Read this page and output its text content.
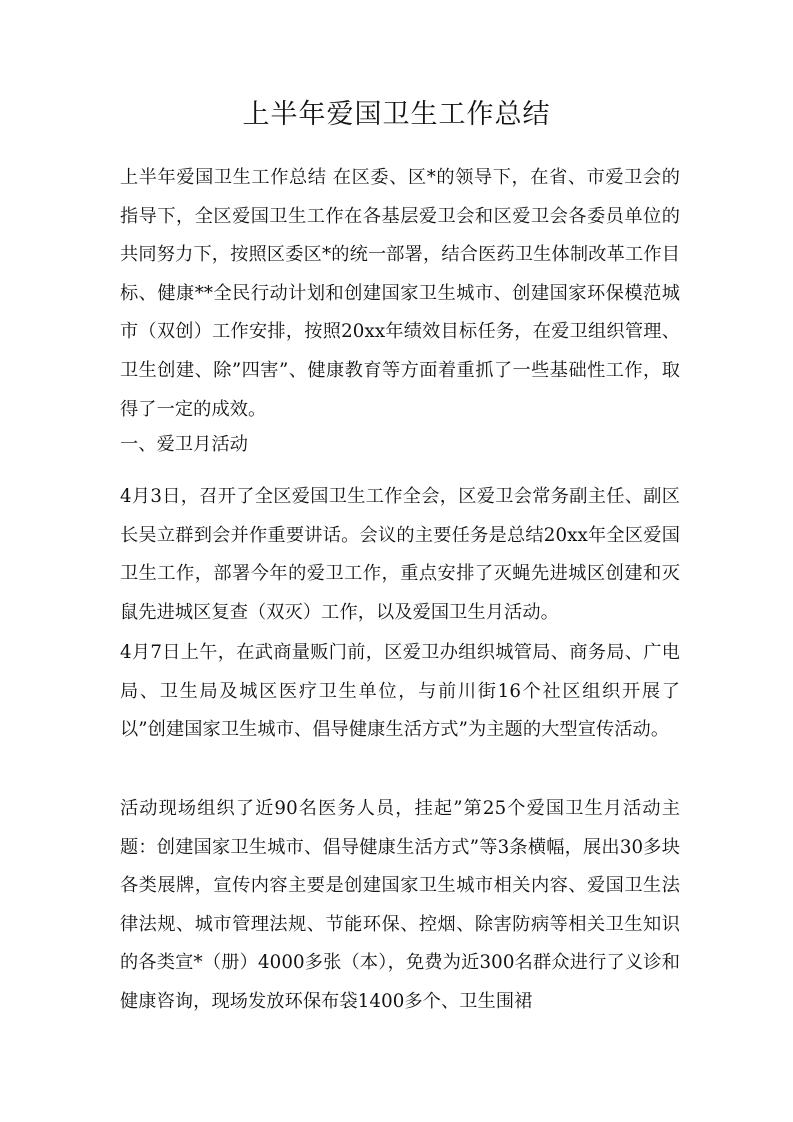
上半年爱国卫生工作总结

上半年爱国卫生工作总结 在区委、区*的领导下，在省、市爱卫会的指导下，全区爱国卫生工作在各基层爱卫会和区爱卫会各委员单位的共同努力下，按照区委区*的统一部署，结合医药卫生体制改革工作目标、健康**全民行动计划和创建国家卫生城市、创建国家环保模范城市（双创）工作安排，按照20xx年绩效目标任务，在爱卫组织管理、卫生创建、除”四害”、健康教育等方面着重抓了一些基础性工作，取得了一定的成效。

一、爱卫月活动

4月3日，召开了全区爱国卫生工作全会，区爱卫会常务副主任、副区长吴立群到会并作重要讲话。会议的主要任务是总结20xx年全区爱国卫生工作，部署今年的爱卫工作，重点安排了灭蝇先进城区创建和灭鼠先进城区复查（双灭）工作，以及爱国卫生月活动。

4月7日上午，在武商量贩门前，区爱卫办组织城管局、商务局、广电局、卫生局及城区医疗卫生单位，与前川街16个社区组织开展了以”创建国家卫生城市、倡导健康生活方式”为主题的大型宣传活动。

活动现场组织了近90名医务人员，挂起”第25个爱国卫生月活动主题：创建国家卫生城市、倡导健康生活方式”等3条横幅，展出30多块各类展牌，宣传内容主要是创建国家卫生城市相关内容、爱国卫生法律法规、城市管理法规、节能环保、控烟、除害防病等相关卫生知识的各类宣*（册）4000多张（本），免费为近300名群众进行了义诊和健康咨询，现场发放环保布袋1400多个、卫生围裙
